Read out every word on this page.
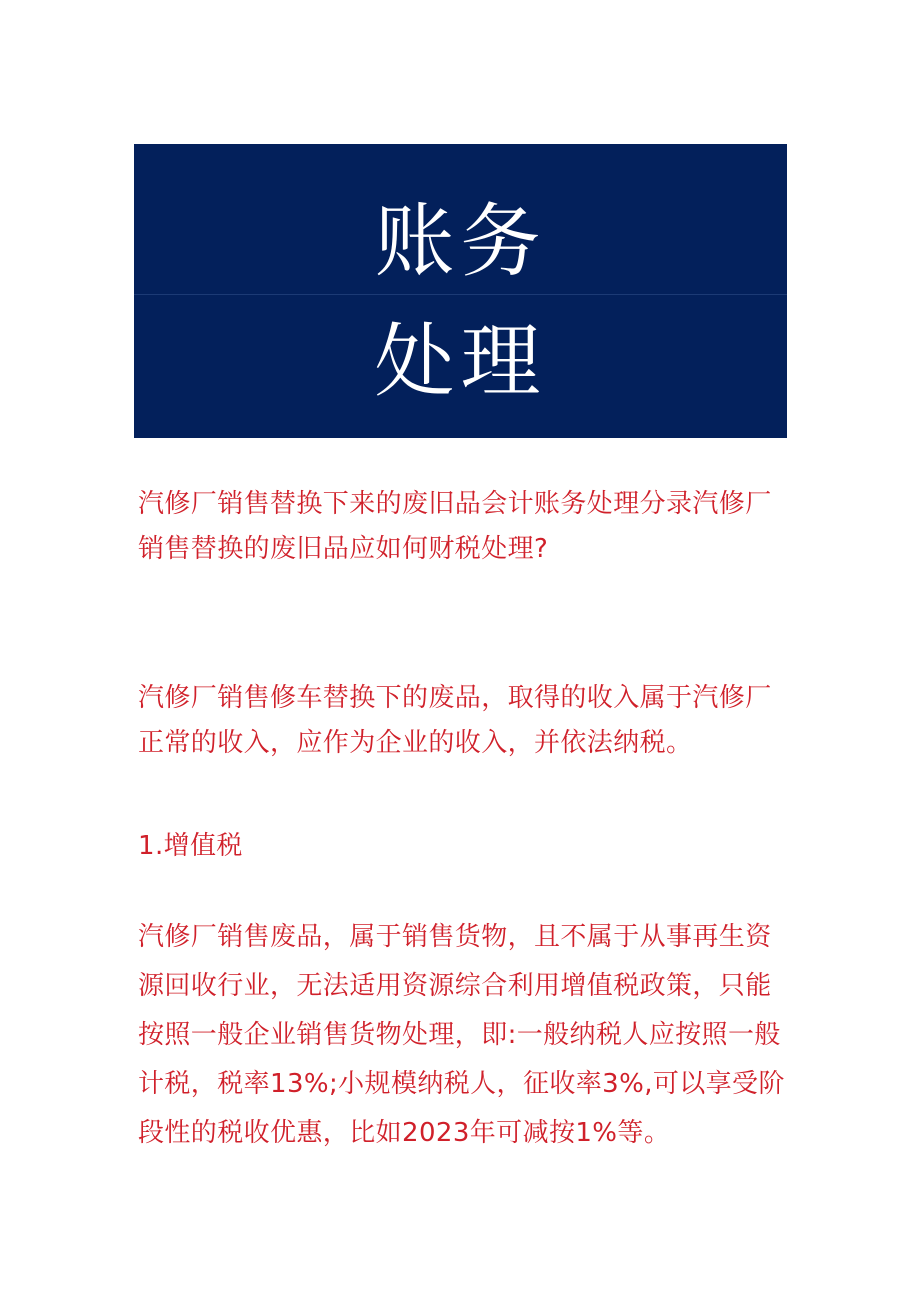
账务
处理
汽修厂销售替换下来的废旧品会计账务处理分录汽修厂销售替换的废旧品应如何财税处理?
汽修厂销售修车替换下的废品，取得的收入属于汽修厂正常的收入，应作为企业的收入，并依法纳税。
1.增值税
汽修厂销售废品，属于销售货物，且不属于从事再生资源回收行业，无法适用资源综合利用增值税政策，只能按照一般企业销售货物处理，即:一般纳税人应按照一般计税，税率13%;小规模纳税人，征收率3%,可以享受阶段性的税收优惠，比如2023年可减按1%等。
